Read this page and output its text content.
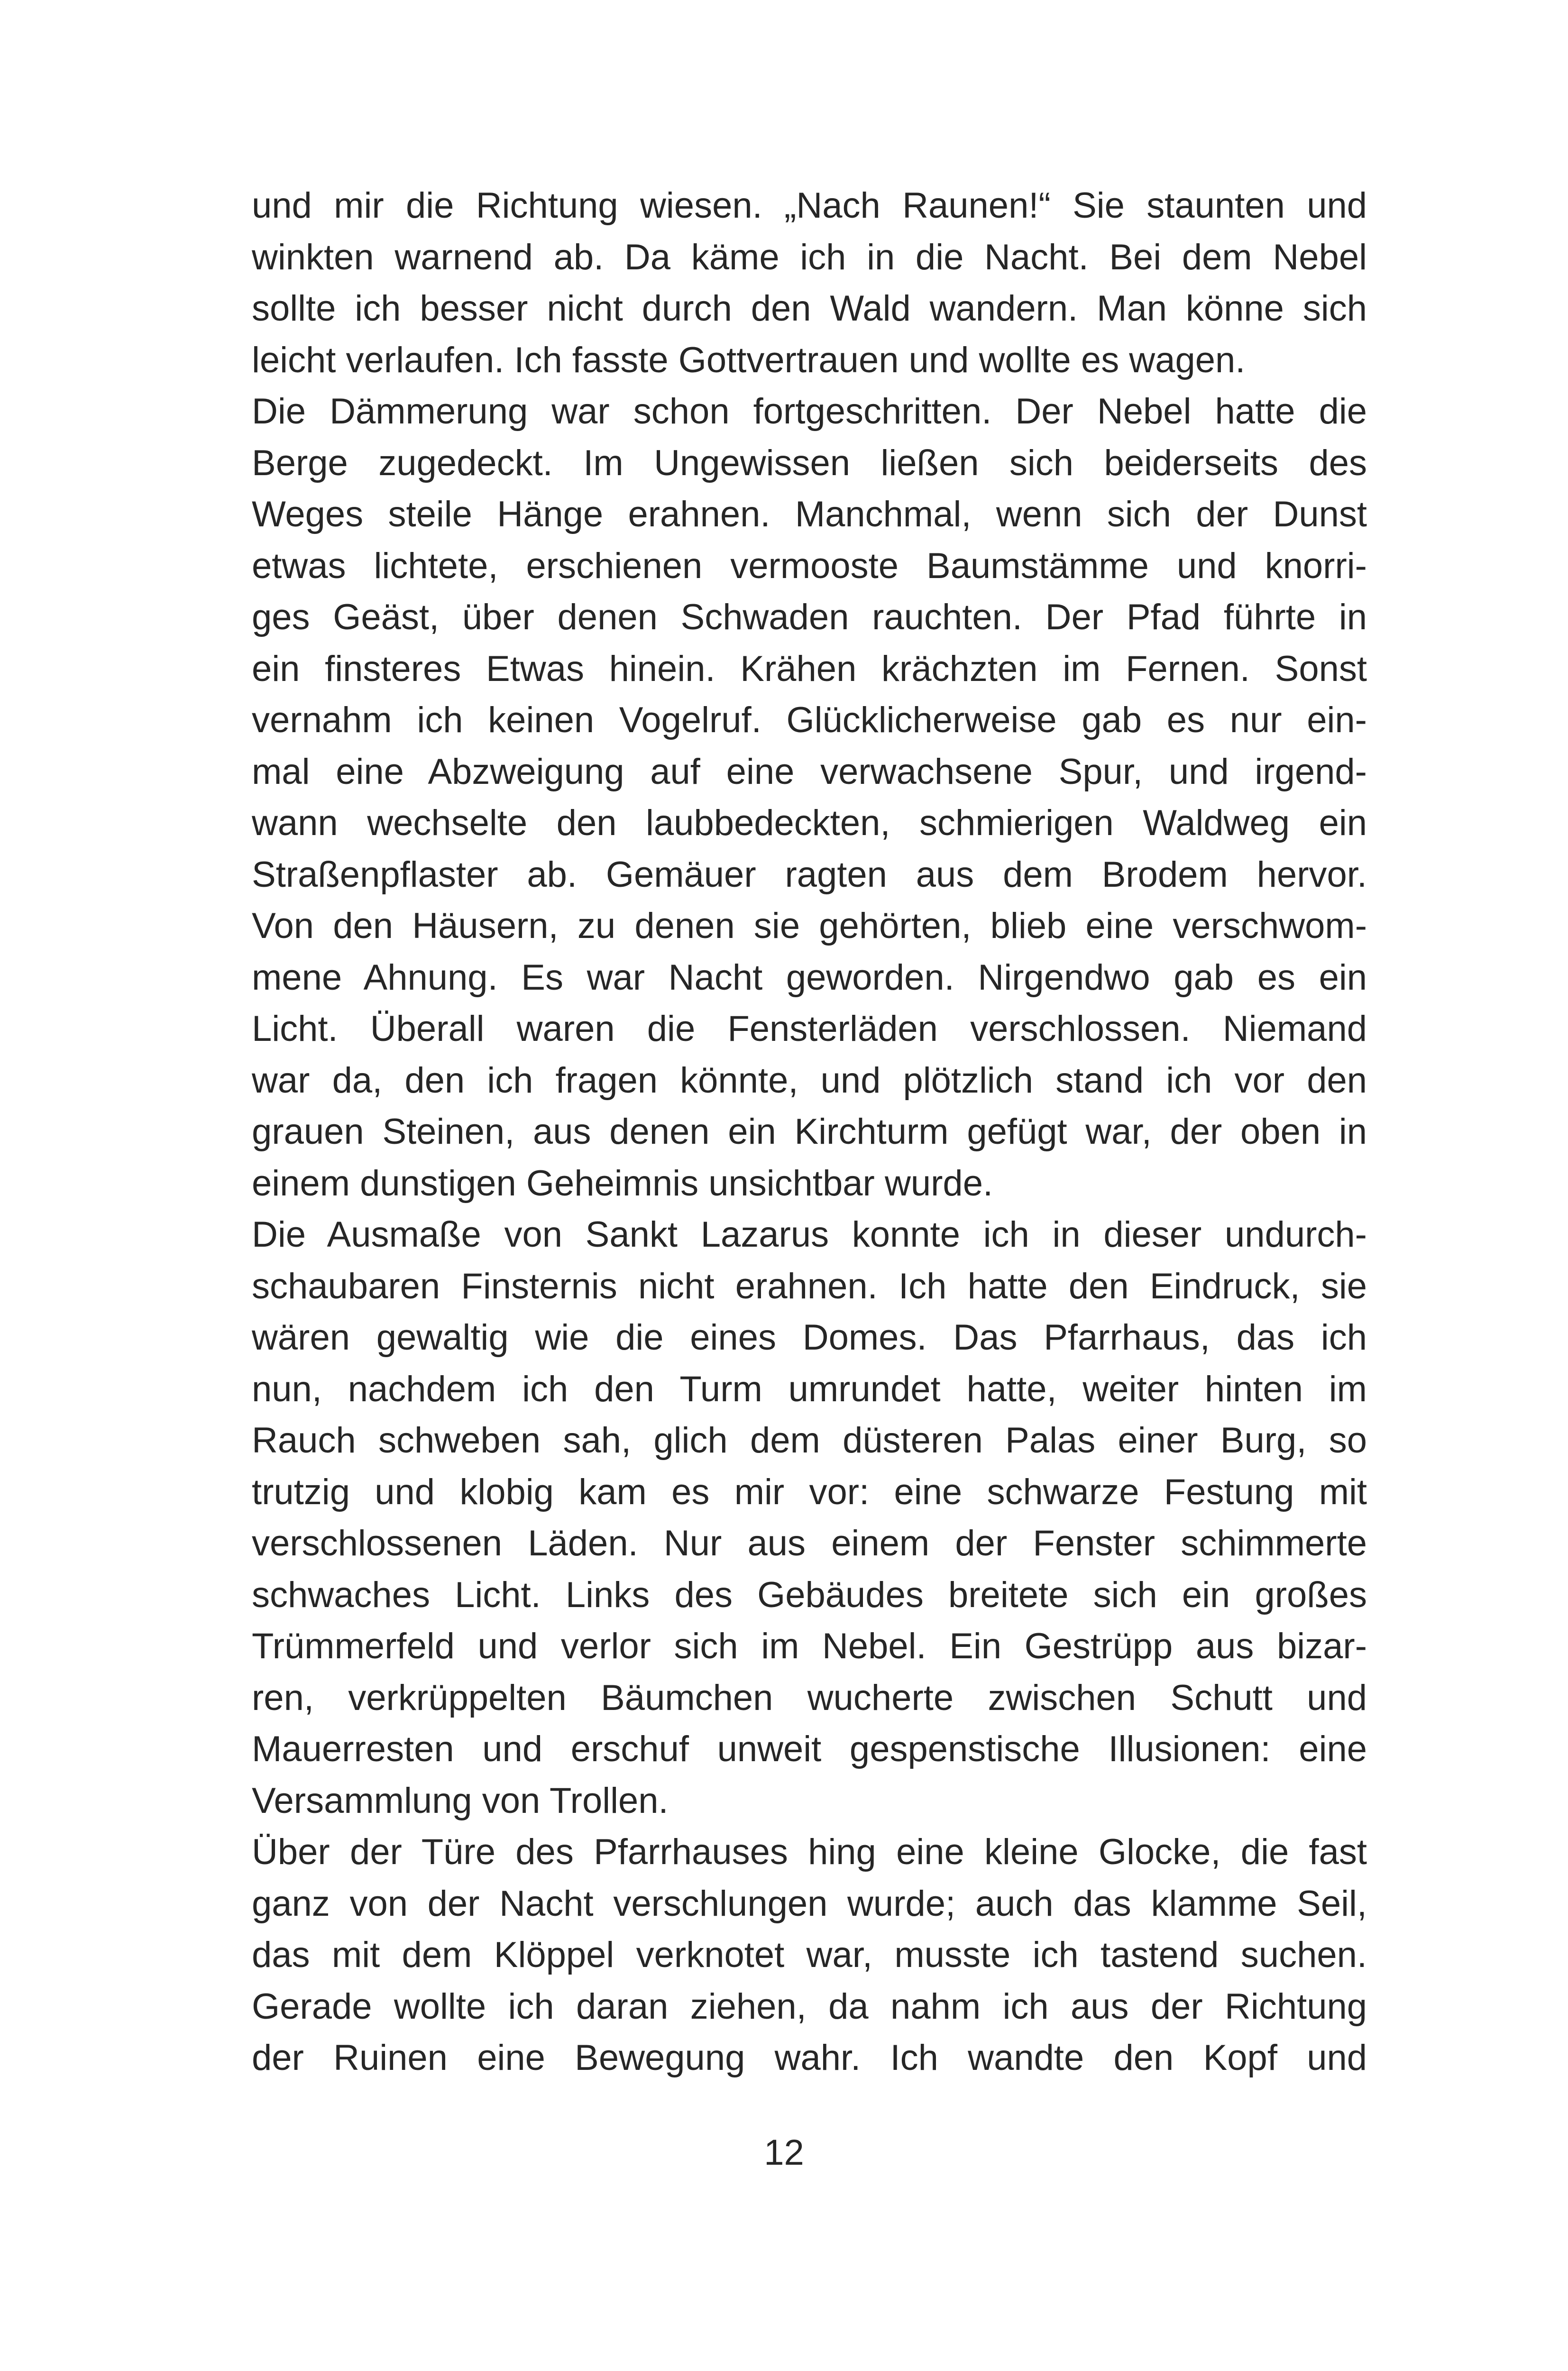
und mir die Richtung wiesen. „Nach Raunen!“ Sie staunten und
winkten warnend ab. Da käme ich in die Nacht. Bei dem Nebel
sollte ich besser nicht durch den Wald wandern. Man könne sich
leicht verlaufen. Ich fasste Gottvertrauen und wollte es wagen.
Die Dämmerung war schon fortgeschritten. Der Nebel hatte die
Berge zugedeckt. Im Ungewissen ließen sich beiderseits des
Weges steile Hänge erahnen. Manchmal, wenn sich der Dunst
etwas lichtete, erschienen vermooste Baumstämme und knorri-
ges Geäst, über denen Schwaden rauchten. Der Pfad führte in
ein finsteres Etwas hinein. Krähen krächzten im Fernen. Sonst
vernahm ich keinen Vogelruf. Glücklicherweise gab es nur ein-
mal eine Abzweigung auf eine verwachsene Spur, und irgend-
wann wechselte den laubbedeckten, schmierigen Waldweg ein
Straßenpflaster ab. Gemäuer ragten aus dem Brodem hervor.
Von den Häusern, zu denen sie gehörten, blieb eine verschwom-
mene Ahnung. Es war Nacht geworden. Nirgendwo gab es ein
Licht. Überall waren die Fensterläden verschlossen. Niemand
war da, den ich fragen könnte, und plötzlich stand ich vor den
grauen Steinen, aus denen ein Kirchturm gefügt war, der oben in
einem dunstigen Geheimnis unsichtbar wurde.
Die Ausmaße von Sankt Lazarus konnte ich in dieser undurch-
schaubaren Finsternis nicht erahnen. Ich hatte den Eindruck, sie
wären gewaltig wie die eines Domes. Das Pfarrhaus, das ich
nun, nachdem ich den Turm umrundet hatte, weiter hinten im
Rauch schweben sah, glich dem düsteren Palas einer Burg, so
trutzig und klobig kam es mir vor: eine schwarze Festung mit
verschlossenen Läden. Nur aus einem der Fenster schimmerte
schwaches Licht. Links des Gebäudes breitete sich ein großes
Trümmerfeld und verlor sich im Nebel. Ein Gestrüpp aus bizar-
ren, verkrüppelten Bäumchen wucherte zwischen Schutt und
Mauerresten und erschuf unweit gespenstische Illusionen: eine
Versammlung von Trollen.
Über der Türe des Pfarrhauses hing eine kleine Glocke, die fast
ganz von der Nacht verschlungen wurde; auch das klamme Seil,
das mit dem Klöppel verknotet war, musste ich tastend suchen.
Gerade wollte ich daran ziehen, da nahm ich aus der Richtung
der Ruinen eine Bewegung wahr. Ich wandte den Kopf und
12
